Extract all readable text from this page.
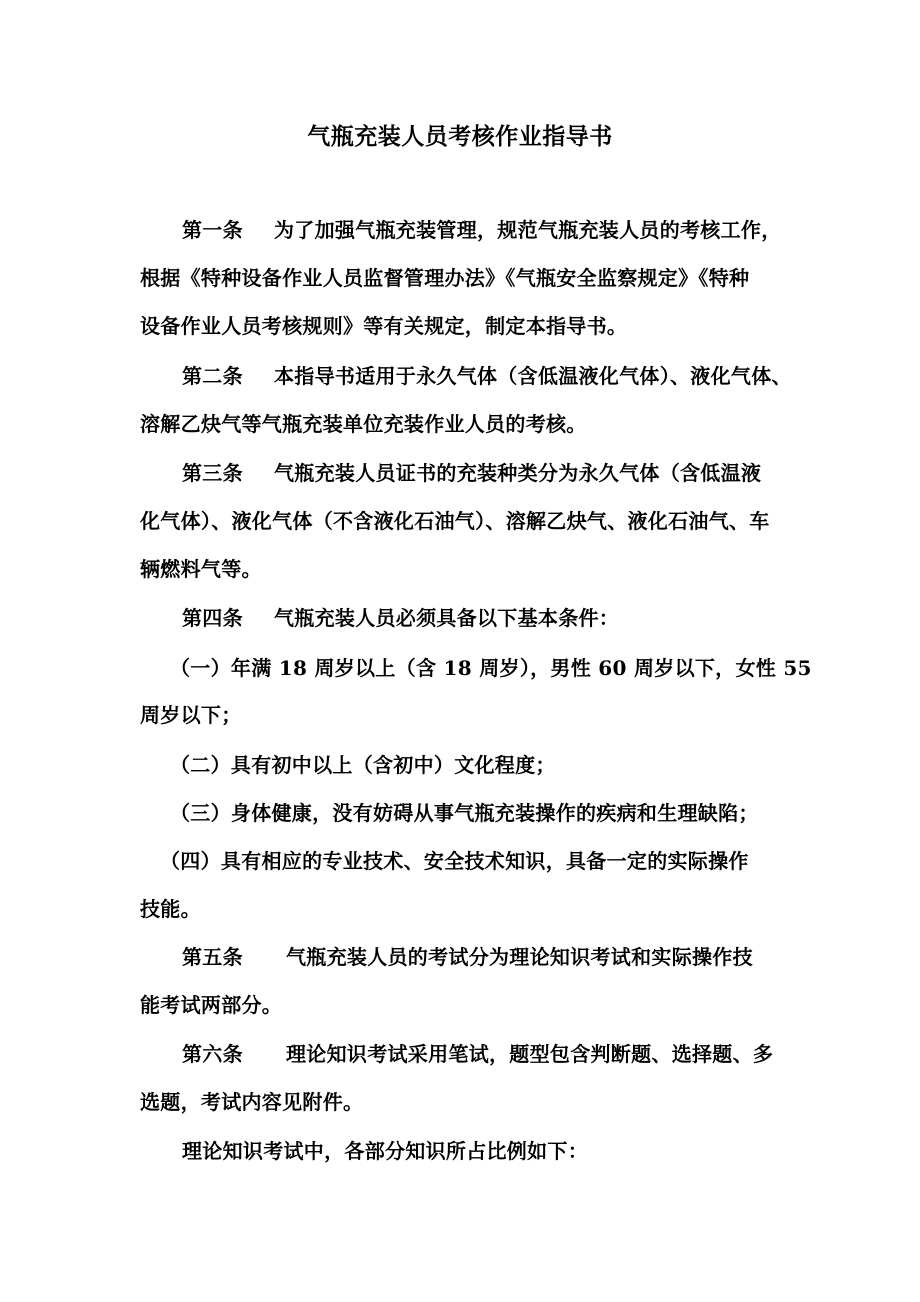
气瓶充装人员考核作业指导书
第一条 为了加强气瓶充装管理，规范气瓶充装人员的考核工作，
根据《特种设备作业人员监督管理办法》《气瓶安全监察规定》《特种
设备作业人员考核规则》等有关规定，制定本指导书。
第二条 本指导书适用于永久气体（含低温液化气体）、液化气体、
溶解乙炔气等气瓶充装单位充装作业人员的考核。
第三条 气瓶充装人员证书的充装种类分为永久气体（含低温液
化气体）、液化气体（不含液化石油气）、溶解乙炔气、液化石油气、车
辆燃料气等。
第四条 气瓶充装人员必须具备以下基本条件：
（一）年满 18 周岁以上（含 18 周岁），男性 60 周岁以下，女性 55
周岁以下；
（二）具有初中以上（含初中）文化程度；
（三）身体健康，没有妨碍从事气瓶充装操作的疾病和生理缺陷；
（四）具有相应的专业技术、安全技术知识，具备一定的实际操作
技能。
第五条 气瓶充装人员的考试分为理论知识考试和实际操作技
能考试两部分。
第六条 理论知识考试采用笔试，题型包含判断题、选择题、多
选题，考试内容见附件。
理论知识考试中，各部分知识所占比例如下：
